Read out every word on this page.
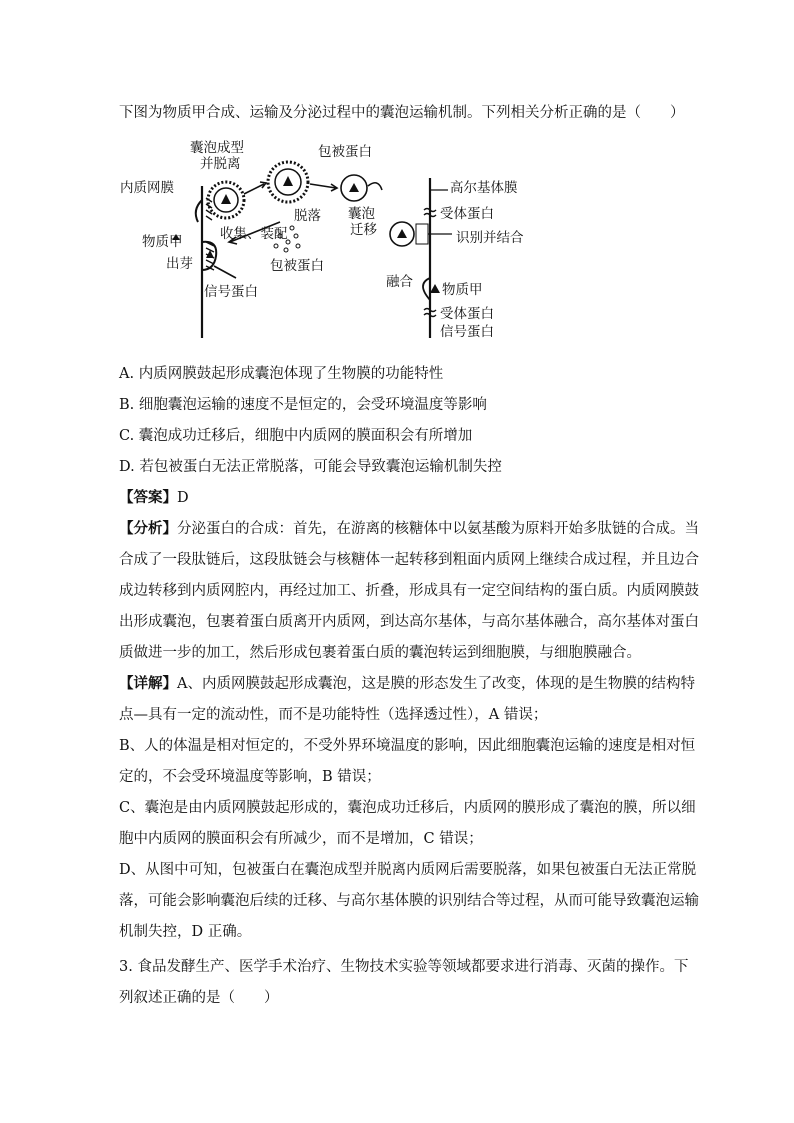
下图为物质甲合成、运输及分泌过程中的囊泡运输机制。下列相关分析正确的是（　　）
囊泡成型
并脱离
包被蛋白
内质网膜	高尔基体膜
受体蛋白
囊泡
迁移	识别并结合
脱落
物质甲	收集、装配
出芽	包被蛋白
信号蛋白
融合 物质甲
受体蛋白
信号蛋白
A. 内质网膜鼓起形成囊泡体现了生物膜的功能特性
B. 细胞囊泡运输的速度不是恒定的，会受环境温度等影响
C. 囊泡成功迁移后，细胞中内质网的膜面积会有所增加
D. 若包被蛋白无法正常脱落，可能会导致囊泡运输机制失控
【答案】D
【分析】分泌蛋白的合成：首先，在游离的核糖体中以氨基酸为原料开始多肽链的合成。当
合成了一段肽链后，这段肽链会与核糖体一起转移到粗面内质网上继续合成过程，并且边合
成边转移到内质网腔内，再经过加工、折叠，形成具有一定空间结构的蛋白质。内质网膜鼓
出形成囊泡，包裹着蛋白质离开内质网，到达高尔基体，与高尔基体融合，高尔基体对蛋白
质做进一步的加工，然后形成包裹着蛋白质的囊泡转运到细胞膜，与细胞膜融合。
【详解】A、内质网膜鼓起形成囊泡，这是膜的形态发生了改变，体现的是生物膜的结构特
点—具有一定的流动性，而不是功能特性（选择透过性），A 错误；
B、人的体温是相对恒定的，不受外界环境温度的影响，因此细胞囊泡运输的速度是相对恒
定的，不会受环境温度等影响，B 错误；
C、囊泡是由内质网膜鼓起形成的，囊泡成功迁移后，内质网的膜形成了囊泡的膜，所以细
胞中内质网的膜面积会有所减少，而不是增加，C 错误；
D、从图中可知，包被蛋白在囊泡成型并脱离内质网后需要脱落，如果包被蛋白无法正常脱
落，可能会影响囊泡后续的迁移、与高尔基体膜的识别结合等过程，从而可能导致囊泡运输
机制失控，D 正确。
3. 食品发酵生产、医学手术治疗、生物技术实验等领域都要求进行消毒、灭菌的操作。下
列叙述正确的是（　　）
